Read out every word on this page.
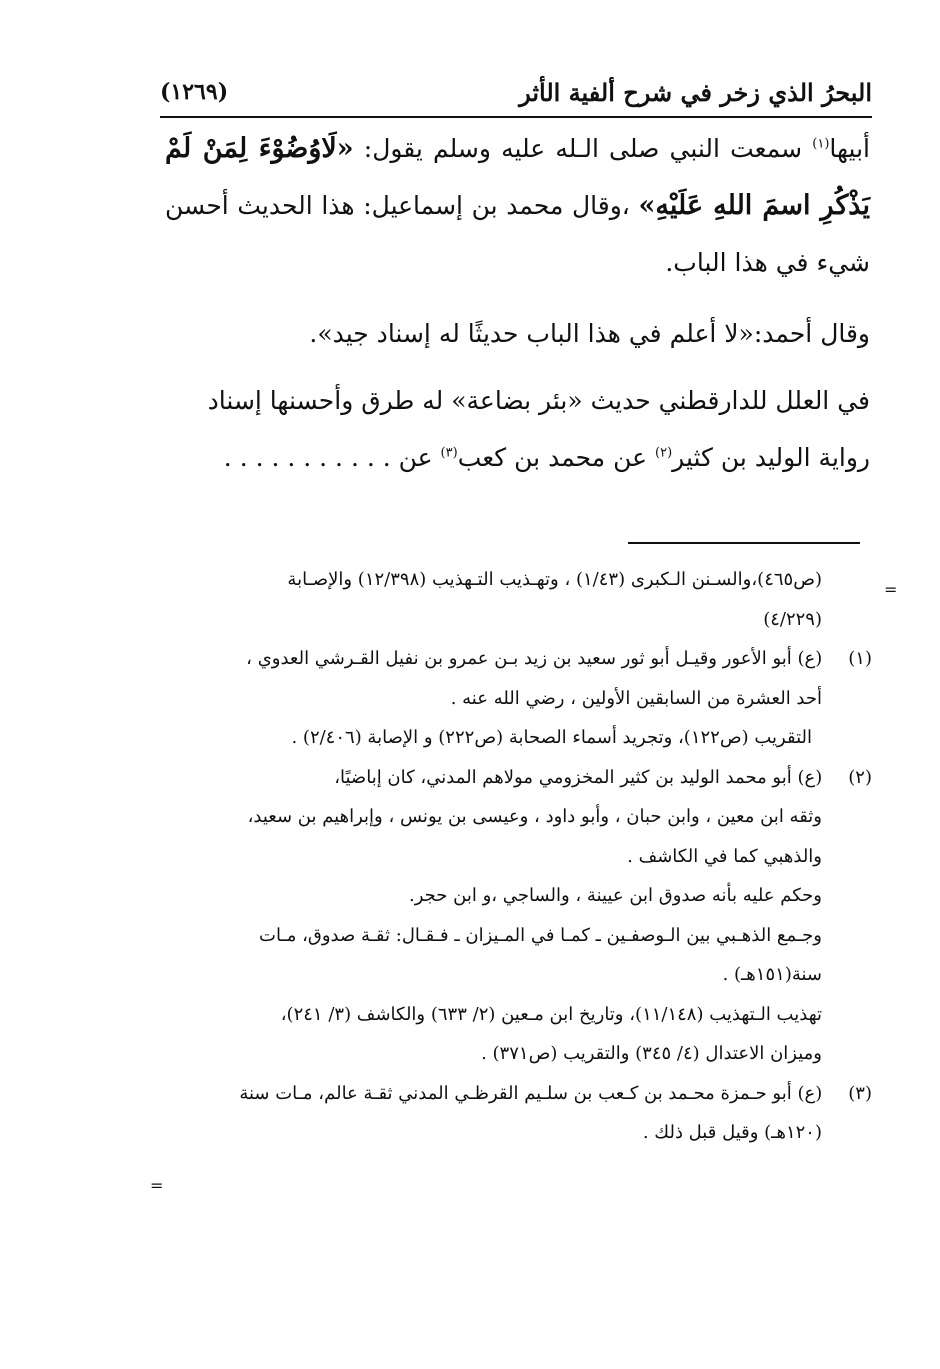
البحرُ الذي زخر في شرح ألفية الأثر
(١٢٦٩)

أبيها$^{(١)}$ سمعت النبي صلى الـله عليه وسلم يقول: «لَاوُضُوْءَ لِمَنْ لَمْ يَذْكُرِ اسمَ اللهِ عَلَيْهِ» ،وقال محمد بن إسماعيل: هذا الحديث أحسن شيء في هذا الباب.

وقال أحمد:«لا أعلم في هذا الباب حديثًا له إسناد جيد».

في العلل للدارقطني حديث «بئر بضاعة» له طرق وأحسنها إسناد
رواية الوليد بن كثير$^{(٢)}$ عن محمد بن كعب$^{(٣)}$ عن . . . . . . . . . . .

(ص٤٦٥)،والسـنن الـكبرى (١/٤٣) ، وتهـذيب التـهذيب (١٢/٣٩٨) والإصـابة

(٤/٢٢٩)

(١) (ع) أبو الأعور وقيـل أبو ثور سعيد بن زيد بـن عمرو بن نفيل القـرشي العدوي ،

أحد العشرة من السابقين الأولين ، رضي الله عنه .

التقريب (ص١٢٢)، وتجريد أسماء الصحابة (ص٢٢٢) و الإصابة (٢/٤٠٦) .

(٢) (ع) أبو محمد الوليد بن كثير المخزومي مولاهم المدني، كان إباضيًا،

وثقه ابن معين ، وابن حبان ، وأبو داود ، وعيسى بن يونس ، وإبراهيم بن سعيد،

والذهبي كما في الكاشف .

وحكم عليه بأنه صدوق ابن عيينة ، والساجي ،و ابن حجر.

وجـمع الذهـبي بين الـوصفـين ـ كمـا في المـيزان ـ فـقـال: ثقـة صدوق، مـات

سنة(١٥١هـ) .

تهذيب الـتهذيب (١١/١٤٨)، وتاريخ ابن مـعين (٢/ ٦٣٣) والكاشف (٣/ ٢٤١)،

وميزان الاعتدال (٤/ ٣٤٥) والتقريب (ص٣٧١) .

(٣) (ع) أبو حـمزة محـمد بن كـعب بن سلـيم القرظـي المدني ثقـة عالم، مـات سنة

(١٢٠هـ) وقيل قبل ذلك .

=
=
